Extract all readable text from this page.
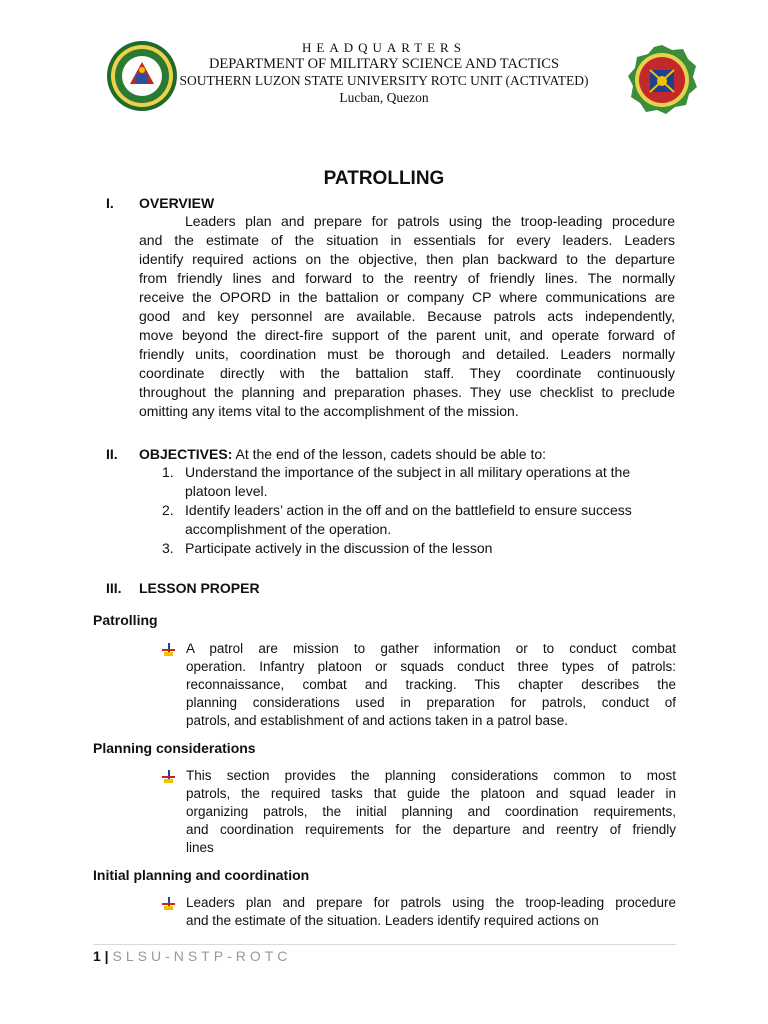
HEADQUARTERS
DEPARTMENT OF MILITARY SCIENCE AND TACTICS
SOUTHERN LUZON STATE UNIVERSITY ROTC UNIT (ACTIVATED)
Lucban, Quezon
PATROLLING
I. OVERVIEW
Leaders plan and prepare for patrols using the troop-leading procedure
and the estimate of the situation in essentials for every leaders. Leaders
identify required actions on the objective, then plan backward to the departure
from friendly lines and forward to the reentry of friendly lines. The normally
receive the OPORD in the battalion or company CP where communications are
good and key personnel are available. Because patrols acts independently,
move beyond the direct-fire support of the parent unit, and operate forward of
friendly units, coordination must be thorough and detailed. Leaders normally
coordinate directly with the battalion staff. They coordinate continuously
throughout the planning and preparation phases. They use checklist to preclude
omitting any items vital to the accomplishment of the mission.
II. OBJECTIVES: At the end of the lesson, cadets should be able to:
1. Understand the importance of the subject in all military operations at the platoon level.
2. Identify leaders’ action in the off and on the battlefield to ensure success accomplishment of the operation.
3. Participate actively in the discussion of the lesson
III. LESSON PROPER
Patrolling
A patrol are mission to gather information or to conduct combat
operation. Infantry platoon or squads conduct three types of patrols:
reconnaissance, combat and tracking. This chapter describes the
planning considerations used in preparation for patrols, conduct of
patrols, and establishment of and actions taken in a patrol base.
Planning considerations
This section provides the planning considerations common to most
patrols, the required tasks that guide the platoon and squad leader in
organizing patrols, the initial planning and coordination requirements,
and coordination requirements for the departure and reentry of friendly
lines
Initial planning and coordination
Leaders plan and prepare for patrols using the troop-leading procedure
and the estimate of the situation. Leaders identify required actions on
1 | SLSU-NSTP-ROTC
